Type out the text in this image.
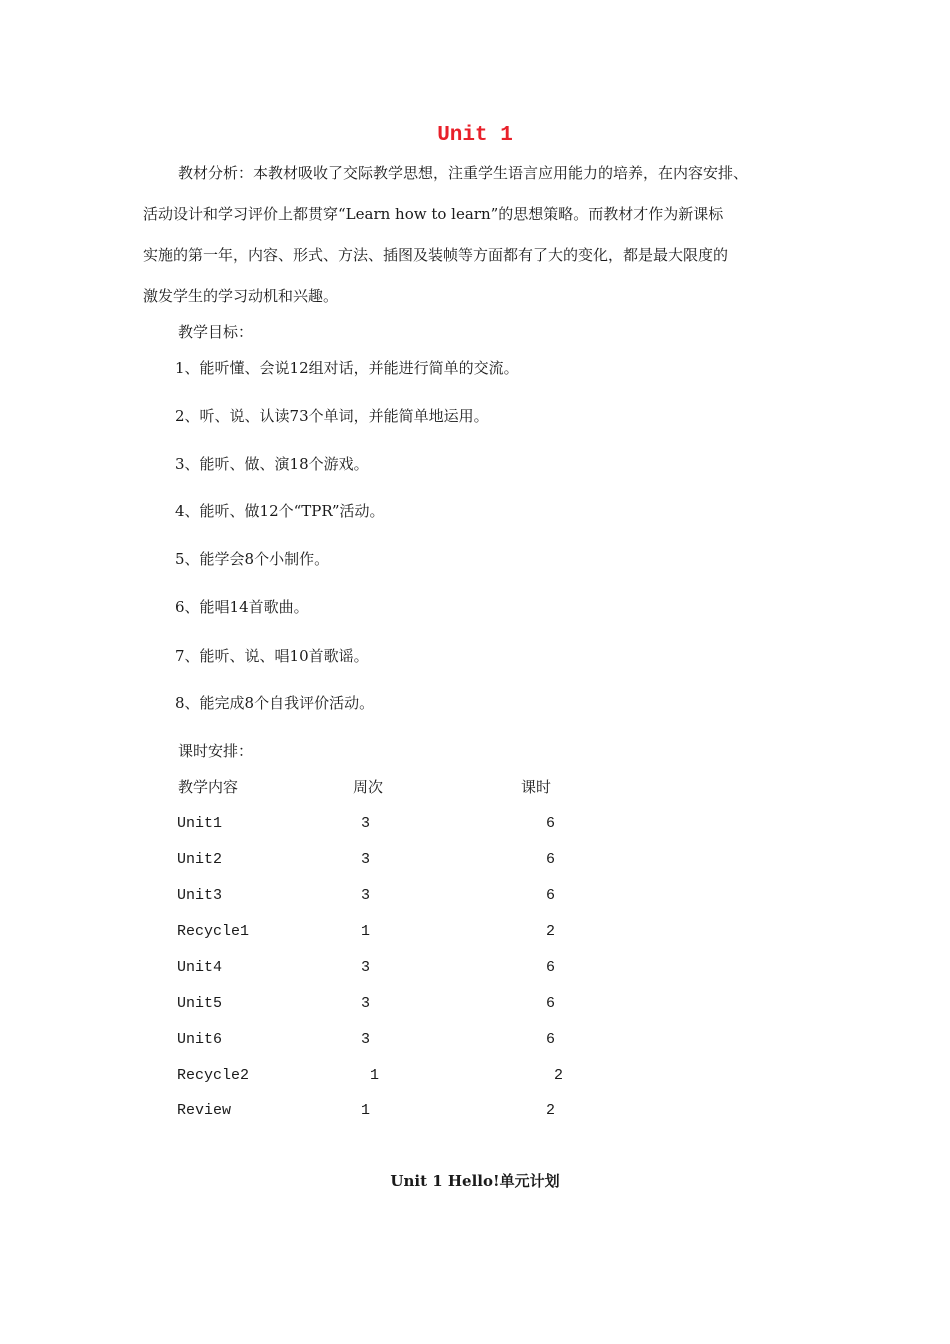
Unit 1
教材分析：本教材吸收了交际教学思想，注重学生语言应用能力的培养，在内容安排、
活动设计和学习评价上都贯穿“Learn how to learn”的思想策略。而教材才作为新课标
实施的第一年，内容、形式、方法、插图及装帧等方面都有了大的变化，都是最大限度的
激发学生的学习动机和兴趣。
教学目标：
1、能听懂、会说12组对话，并能进行简单的交流。
2、听、说、认读73个单词，并能简单地运用。
3、能听、做、演18个游戏。
4、能听、做12个“TPR”活动。
5、能学会8个小制作。
6、能唱14首歌曲。
7、能听、说、唱10首歌谣。
8、能完成8个自我评价活动。
课时安排：
教学内容	周次	课时
Unit1	3	6
Unit2	3	6
Unit3	3	6
Recycle1	1	2
Unit4	3	6
Unit5	3	6
Unit6	3	6
Recycle2	1	2
Review	1	2
Unit 1 Hello!单元计划
